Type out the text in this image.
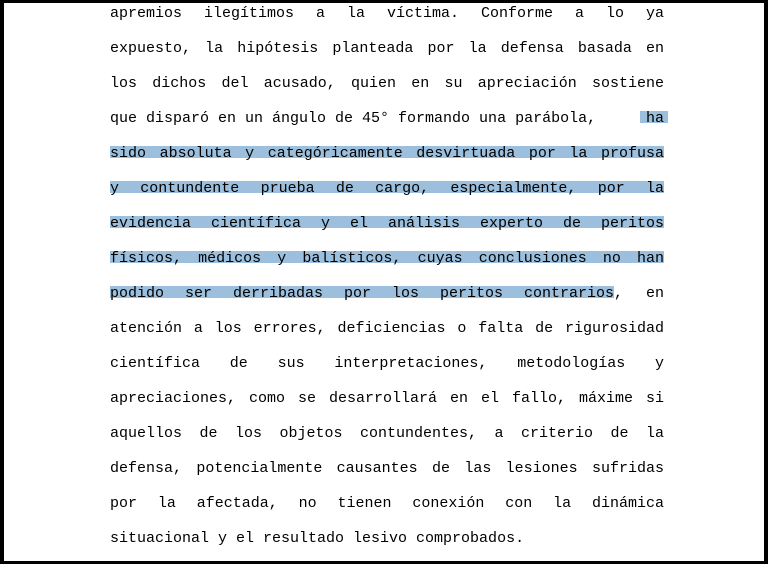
apremios ilegítimos a la víctima. Conforme a lo ya
expuesto, la hipótesis planteada por la defensa basada en
los dichos del acusado, quien en su apreciación sostiene
que disparó en un ángulo de 45° formando una parábola,	ha
sido absoluta y categóricamente desvirtuada por la profusa
y contundente prueba de cargo, especialmente, por la
evidencia científica y el análisis experto de peritos
físicos, médicos y balísticos, cuyas conclusiones no han
podido ser derribadas por los peritos contrarios , en
atención a los errores, deficiencias o falta de rigurosidad
científica de sus interpretaciones, metodologías y
apreciaciones, como se desarrollará en el fallo, máxime si
aquellos de los objetos contundentes, a criterio de la
defensa, potencialmente causantes de las lesiones sufridas
por la afectada, no tienen conexión con la dinámica
situacional y el resultado lesivo comprobados.
